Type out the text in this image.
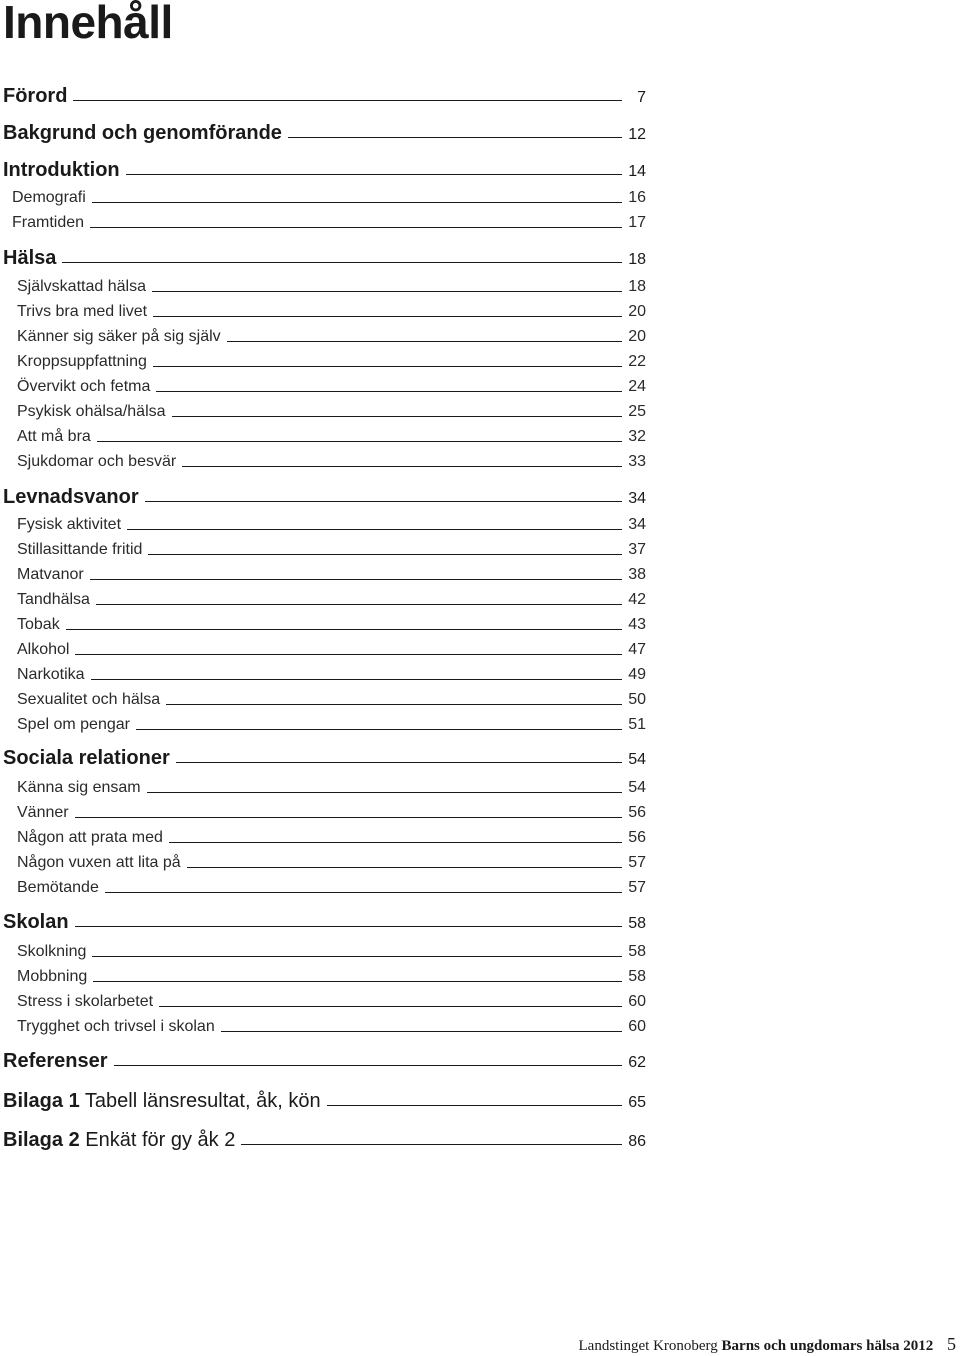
Innehåll
Förord	7
Bakgrund och genomförande	12
Introduktion	14
Demografi	16
Framtiden	17
Hälsa	18
Självskattad hälsa	18
Trivs bra med livet	20
Känner sig säker på sig själv	20
Kroppsuppfattning	22
Övervikt och fetma	24
Psykisk ohälsa/hälsa	25
Att må bra	32
Sjukdomar och besvär	33
Levnadsvanor	34
Fysisk aktivitet	34
Stillasittande fritid	37
Matvanor	38
Tandhälsa	42
Tobak	43
Alkohol	47
Narkotika	49
Sexualitet och hälsa	50
Spel om pengar	51
Sociala relationer	54
Känna sig ensam	54
Vänner	56
Någon att prata med	56
Någon vuxen att lita på	57
Bemötande	57
Skolan	58
Skolkning	58
Mobbning	58
Stress i skolarbetet	60
Trygghet och trivsel i skolan	60
Referenser	62
Bilaga 1 Tabell länsresultat, åk, kön	65
Bilaga 2 Enkät för gy åk 2	86
Landstinget Kronoberg Barns och ungdomars hälsa 2012 5
